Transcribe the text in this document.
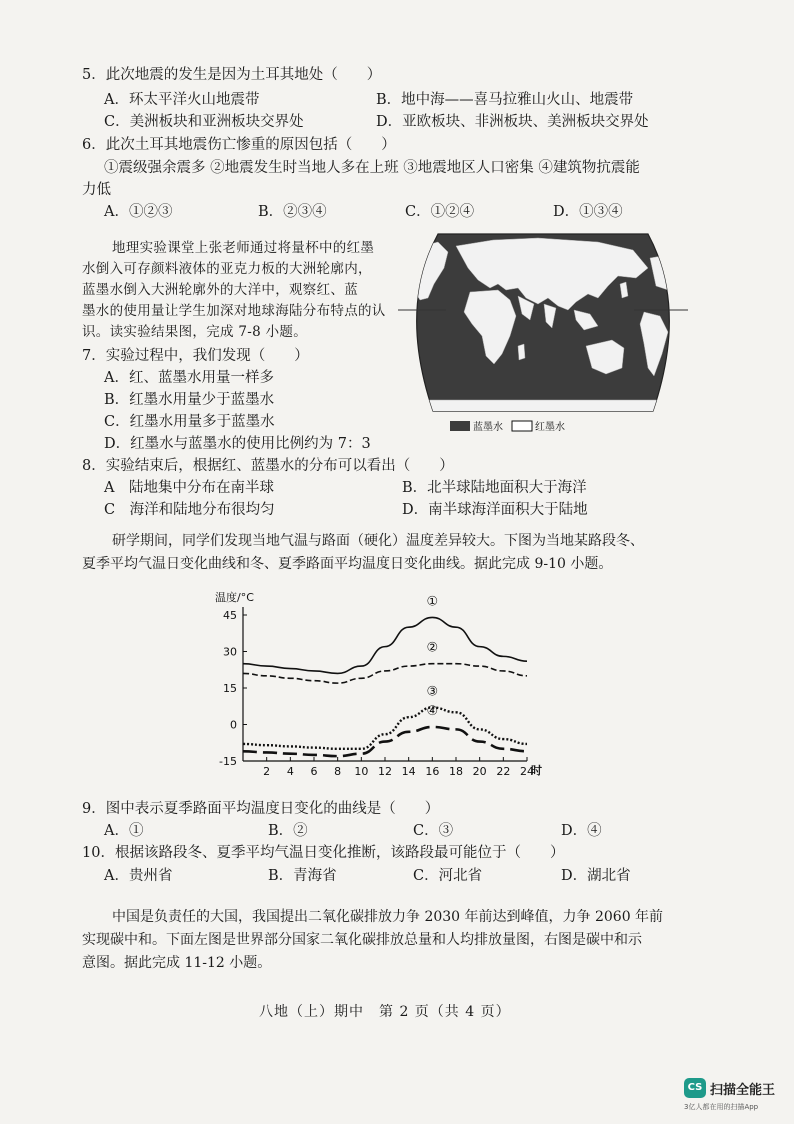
5．此次地震的发生是因为土耳其地处（　　）
A．环太平洋火山地震带	B．地中海——喜马拉雅山火山、地震带
C．美洲板块和亚洲板块交界处	D．亚欧板块、非洲板块、美洲板块交界处
6．此次土耳其地震伤亡惨重的原因包括（　　）
①震级强余震多 ②地震发生时当地人多在上班 ③地震地区人口密集 ④建筑物抗震能
力低
A．①②③	B．②③④	C．①②④	D．①③④
地理实验课堂上张老师通过将量杯中的红墨
水倒入可存颜料液体的亚克力板的大洲轮廓内，
蓝墨水倒入大洲轮廓外的大洋中，观察红、蓝
墨水的使用量让学生加深对地球海陆分布特点的认
识。读实验结果图，完成 7-8 小题。
蓝墨水	红墨水
7．实验过程中，我们发现（　　）
A．红、蓝墨水用量一样多
B．红墨水用量少于蓝墨水
C．红墨水用量多于蓝墨水
D．红墨水与蓝墨水的使用比例约为 7：3
8．实验结束后，根据红、蓝墨水的分布可以看出（　　）
A　陆地集中分布在南半球	B．北半球陆地面积大于海洋
C　海洋和陆地分布很均匀	D．南半球海洋面积大于陆地
研学期间，同学们发现当地气温与路面（硬化）温度差异较大。下图为当地某路段冬、
夏季平均气温日变化曲线和冬、夏季路面平均温度日变化曲线。据此完成 9-10 小题。
温度/°C
时
45
30
15
0
-15
2 4 6 8 10 12 14 16 18 20 22 24
①
②
③
④
9．图中表示夏季路面平均温度日变化的曲线是（　　）
A．①	B．②	C．③	D．④
10．根据该路段冬、夏季平均气温日变化推断，该路段最可能位于（　　）
A．贵州省	B．青海省	C．河北省	D．湖北省
中国是负责任的大国，我国提出二氧化碳排放力争 2030 年前达到峰值，力争 2060 年前
实现碳中和。下面左图是世界部分国家二氧化碳排放总量和人均排放量图，右图是碳中和示
意图。据此完成 11-12 小题。
八地（上）期中　第 2 页（共 4 页）
CS 扫描全能王
3亿人都在用的扫描App
